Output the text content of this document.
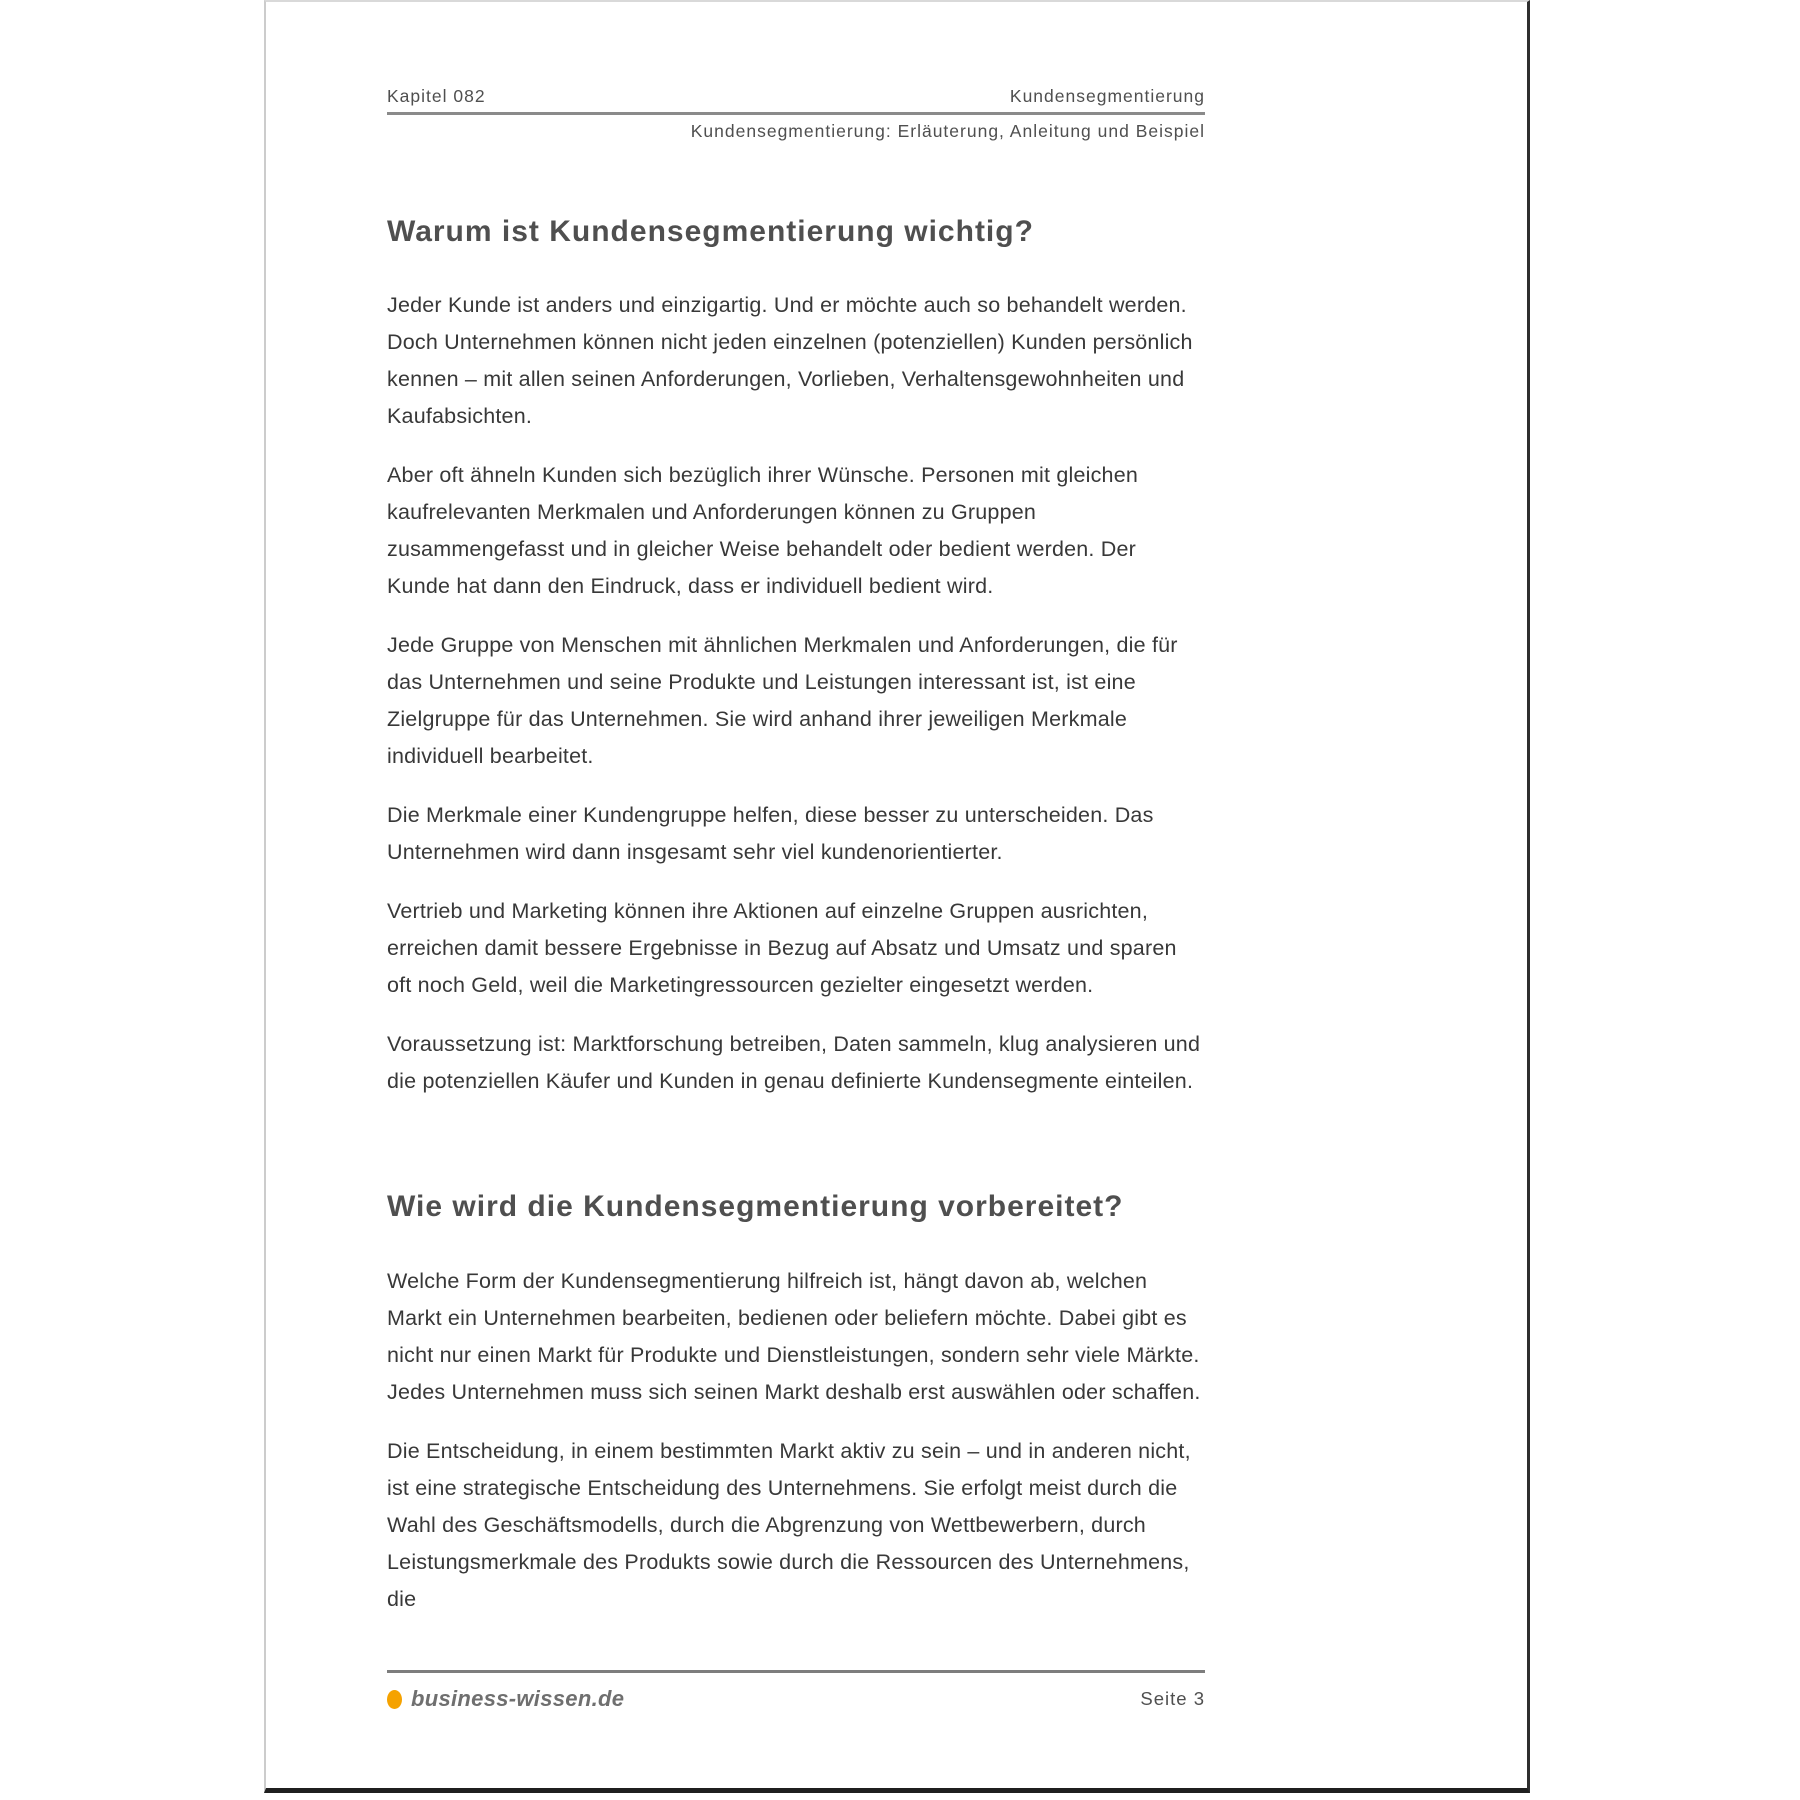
Kapitel 082	Kundensegmentierung
Kundensegmentierung: Erläuterung, Anleitung und Beispiel
Warum ist Kundensegmentierung wichtig?

Jeder Kunde ist anders und einzigartig. Und er möchte auch so behandelt werden. Doch Unternehmen können nicht jeden einzelnen (potenziellen) Kunden persönlich kennen – mit allen seinen Anforderungen, Vorlieben, Verhaltensgewohnheiten und Kaufabsichten.

Aber oft ähneln Kunden sich bezüglich ihrer Wünsche. Personen mit gleichen kaufrelevanten Merkmalen und Anforderungen können zu Gruppen zusammengefasst und in gleicher Weise behandelt oder bedient werden. Der Kunde hat dann den Eindruck, dass er individuell bedient wird.

Jede Gruppe von Menschen mit ähnlichen Merkmalen und Anforderungen, die für das Unternehmen und seine Produkte und Leistungen interessant ist, ist eine Zielgruppe für das Unternehmen. Sie wird anhand ihrer jeweiligen Merkmale individuell bearbeitet.

Die Merkmale einer Kundengruppe helfen, diese besser zu unterscheiden. Das Unternehmen wird dann insgesamt sehr viel kundenorientierter.

Vertrieb und Marketing können ihre Aktionen auf einzelne Gruppen ausrichten, erreichen damit bessere Ergebnisse in Bezug auf Absatz und Umsatz und sparen oft noch Geld, weil die Marketingressourcen gezielter eingesetzt werden.

Voraussetzung ist: Marktforschung betreiben, Daten sammeln, klug analysieren und die potenziellen Käufer und Kunden in genau definierte Kundensegmente einteilen.

Wie wird die Kundensegmentierung vorbereitet?

Welche Form der Kundensegmentierung hilfreich ist, hängt davon ab, welchen Markt ein Unternehmen bearbeiten, bedienen oder beliefern möchte. Dabei gibt es nicht nur einen Markt für Produkte und Dienstleistungen, sondern sehr viele Märkte. Jedes Unternehmen muss sich seinen Markt deshalb erst auswählen oder schaffen.

Die Entscheidung, in einem bestimmten Markt aktiv zu sein – und in anderen nicht, ist eine strategische Entscheidung des Unternehmens. Sie erfolgt meist durch die Wahl des Geschäftsmodells, durch die Abgrenzung von Wettbewerbern, durch Leistungsmerkmale des Produkts sowie durch die Ressourcen des Unternehmens, die

business-wissen.de	Seite 3
